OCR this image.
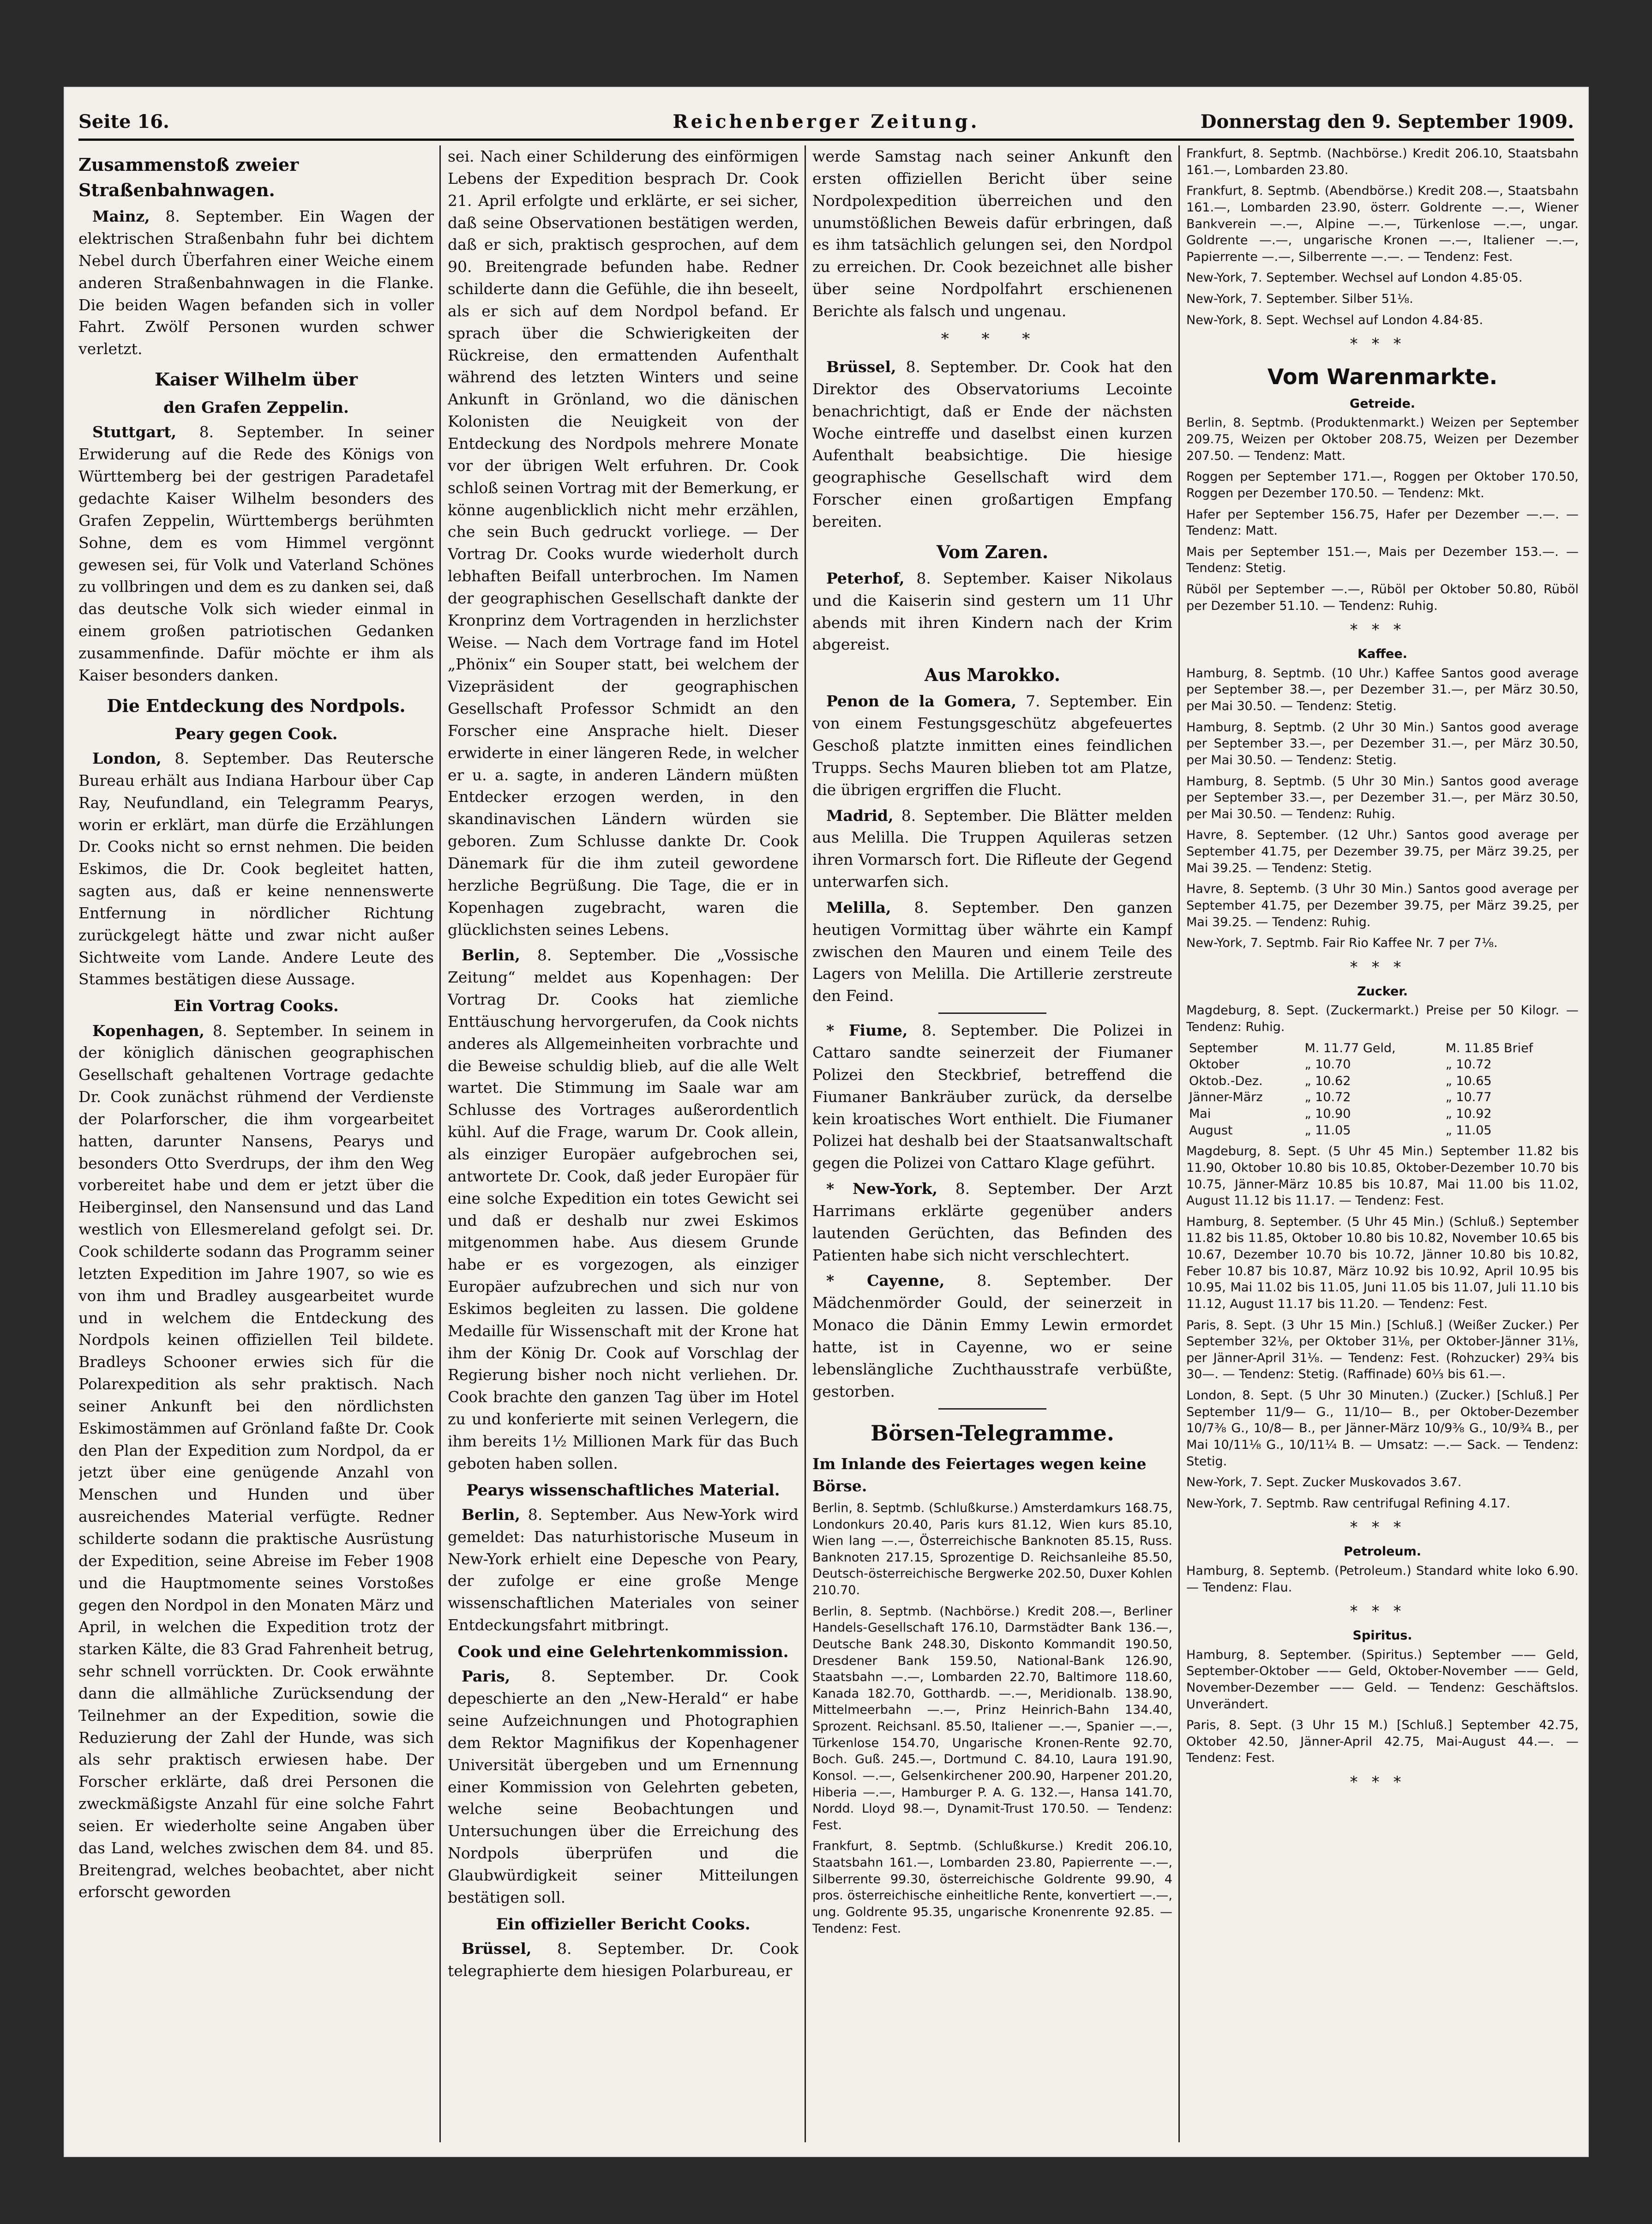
Seite 16.	Reichenberger Zeitung.	Donnerstag den 9. September 1909.
Zusammenstoß zweier Straßenbahnwagen.

Mainz, 8. September. Ein Wagen der elektrischen Straßenbahn fuhr bei dichtem Nebel durch Überfahren einer Weiche einem anderen Straßenbahnwagen in die Flanke. Die beiden Wagen befanden sich in voller Fahrt. Zwölf Personen wurden schwer verletzt.

Kaiser Wilhelm über
den Grafen Zeppelin.

Stuttgart, 8. September. In seiner Erwiderung auf die Rede des Königs von Württemberg bei der gestrigen Paradetafel gedachte Kaiser Wilhelm besonders des Grafen Zeppelin, Württembergs berühmten Sohne, dem es vom Himmel vergönnt gewesen sei, für Volk und Vaterland Schönes zu vollbringen und dem es zu danken sei, daß das deutsche Volk sich wieder einmal in einem großen patriotischen Gedanken zusammenfinde. Dafür möchte er ihm als Kaiser besonders danken.

Die Entdeckung des Nordpols.
Peary gegen Cook.

London, 8. September. Das Reutersche Bureau erhält aus Indiana Harbour über Cap Ray, Neufundland, ein Telegramm Pearys, worin er erklärt, man dürfe die Erzählungen Dr. Cooks nicht so ernst nehmen. Die beiden Eskimos, die Dr. Cook begleitet hatten, sagten aus, daß er keine nennenswerte Entfernung in nördlicher Richtung zurückgelegt hätte und zwar nicht außer Sichtweite vom Lande. Andere Leute des Stammes bestätigen diese Aussage.

Ein Vortrag Cooks.

Kopenhagen, 8. September. In seinem in der königlich dänischen geographischen Gesellschaft gehaltenen Vortrage gedachte Dr. Cook zunächst rühmend der Verdienste der Polarforscher, die ihm vorgearbeitet hatten, darunter Nansens, Pearys und besonders Otto Sverdrups, der ihm den Weg vorbereitet habe und dem er jetzt über die Heiberginsel, den Nansensund und das Land westlich von Ellesmereland gefolgt sei. Dr. Cook schilderte sodann das Programm seiner letzten Expedition im Jahre 1907, so wie es von ihm und Bradley ausgearbeitet wurde und in welchem die Entdeckung des Nordpols keinen offiziellen Teil bildete. Bradleys Schooner erwies sich für die Polarexpedition als sehr praktisch. Nach seiner Ankunft bei den nördlichsten Eskimostämmen auf Grönland faßte Dr. Cook den Plan der Expedition zum Nordpol, da er jetzt über eine genügende Anzahl von Menschen und Hunden und über ausreichendes Material verfügte. Redner schilderte sodann die praktische Ausrüstung der Expedition, seine Abreise im Feber 1908 und die Hauptmomente seines Vorstoßes gegen den Nordpol in den Monaten März und April, in welchen die Expedition trotz der starken Kälte, die 83 Grad Fahrenheit betrug, sehr schnell vorrückten. Dr. Cook erwähnte dann die allmähliche Zurücksendung der Teilnehmer an der Expedition, sowie die Reduzierung der Zahl der Hunde, was sich als sehr praktisch erwiesen habe. Der Forscher erklärte, daß drei Personen die zweckmäßigste Anzahl für eine solche Fahrt seien. Er wiederholte seine Angaben über das Land, welches zwischen dem 84. und 85. Breitengrad, welches beobachtet, aber nicht erforscht geworden

sei. Nach einer Schilderung des einförmigen Lebens der Expedition besprach Dr. Cook 21. April erfolgte und erklärte, er sei sicher, daß seine Observationen bestätigen werden, daß er sich, praktisch gesprochen, auf dem 90. Breitengrade befunden habe. Redner schilderte dann die Gefühle, die ihn beseelt, als er sich auf dem Nordpol befand. Er sprach über die Schwierigkeiten der Rückreise, den ermattenden Aufenthalt während des letzten Winters und seine Ankunft in Grönland, wo die dänischen Kolonisten die Neuigkeit von der Entdeckung des Nordpols mehrere Monate vor der übrigen Welt erfuhren. Dr. Cook schloß seinen Vortrag mit der Bemerkung, er könne augenblicklich nicht mehr erzählen, che sein Buch gedruckt vorliege. — Der Vortrag Dr. Cooks wurde wiederholt durch lebhaften Beifall unterbrochen. Im Namen der geographischen Gesellschaft dankte der Kronprinz dem Vortragenden in herzlichster Weise. — Nach dem Vortrage fand im Hotel „Phönix“ ein Souper statt, bei welchem der Vizepräsident der geographischen Gesellschaft Professor Schmidt an den Forscher eine Ansprache hielt. Dieser erwiderte in einer längeren Rede, in welcher er u. a. sagte, in anderen Ländern müßten Entdecker erzogen werden, in den skandinavischen Ländern würden sie geboren. Zum Schlusse dankte Dr. Cook Dänemark für die ihm zuteil gewordene herzliche Begrüßung. Die Tage, die er in Kopenhagen zugebracht, waren die glücklichsten seines Lebens.

Berlin, 8. September. Die „Vossische Zeitung“ meldet aus Kopenhagen: Der Vortrag Dr. Cooks hat ziemliche Enttäuschung hervorgerufen, da Cook nichts anderes als Allgemeinheiten vorbrachte und die Beweise schuldig blieb, auf die alle Welt wartet. Die Stimmung im Saale war am Schlusse des Vortrages außerordentlich kühl. Auf die Frage, warum Dr. Cook allein, als einziger Europäer aufgebrochen sei, antwortete Dr. Cook, daß jeder Europäer für eine solche Expedition ein totes Gewicht sei und daß er deshalb nur zwei Eskimos mitgenommen habe. Aus diesem Grunde habe er es vorgezogen, als einziger Europäer aufzubrechen und sich nur von Eskimos begleiten zu lassen. Die goldene Medaille für Wissenschaft mit der Krone hat ihm der König Dr. Cook auf Vorschlag der Regierung bisher noch nicht verliehen. Dr. Cook brachte den ganzen Tag über im Hotel zu und konferierte mit seinen Verlegern, die ihm bereits 1½ Millionen Mark für das Buch geboten haben sollen.

Pearys wissenschaftliches Material.

Berlin, 8. September. Aus New-York wird gemeldet: Das naturhistorische Museum in New-York erhielt eine Depesche von Peary, der zufolge er eine große Menge wissenschaftlichen Materiales von seiner Entdeckungsfahrt mitbringt.

Cook und eine Gelehrtenkommission.

Paris, 8. September. Dr. Cook depeschierte an den „New-Herald“ er habe seine Aufzeichnungen und Photographien dem Rektor Magnifikus der Kopenhagener Universität übergeben und um Ernennung einer Kommission von Gelehrten gebeten, welche seine Beobachtungen und Untersuchungen über die Erreichung des Nordpols überprüfen und die Glaubwürdigkeit seiner Mitteilungen bestätigen soll.

Ein offizieller Bericht Cooks.

Brüssel, 8. September. Dr. Cook telegraphierte dem hiesigen Polarbureau, er

werde Samstag nach seiner Ankunft den ersten offiziellen Bericht über seine Nordpolexpedition überreichen und den unumstößlichen Beweis dafür erbringen, daß es ihm tatsächlich gelungen sei, den Nordpol zu erreichen. Dr. Cook bezeichnet alle bisher über seine Nordpolfahrt erschienenen Berichte als falsch und ungenau.

* * *

Brüssel, 8. September. Dr. Cook hat den Direktor des Observatoriums Lecointe benachrichtigt, daß er Ende der nächsten Woche eintreffe und daselbst einen kurzen Aufenthalt beabsichtige. Die hiesige geographische Gesellschaft wird dem Forscher einen großartigen Empfang bereiten.

Vom Zaren.

Peterhof, 8. September. Kaiser Nikolaus und die Kaiserin sind gestern um 11 Uhr abends mit ihren Kindern nach der Krim abgereist.

Aus Marokko.

Penon de la Gomera, 7. September. Ein von einem Festungsgeschütz abgefeuertes Geschoß platzte inmitten eines feindlichen Trupps. Sechs Mauren blieben tot am Platze, die übrigen ergriffen die Flucht.

Madrid, 8. September. Die Blätter melden aus Melilla. Die Truppen Aquileras setzen ihren Vormarsch fort. Die Rifleute der Gegend unterwarfen sich.

Melilla, 8. September. Den ganzen heutigen Vormittag über währte ein Kampf zwischen den Mauren und einem Teile des Lagers von Melilla. Die Artillerie zerstreute den Feind.

* Fiume, 8. September. Die Polizei in Cattaro sandte seinerzeit der Fiumaner Polizei den Steckbrief, betreffend die Fiumaner Bankräuber zurück, da derselbe kein kroatisches Wort enthielt. Die Fiumaner Polizei hat deshalb bei der Staatsanwaltschaft gegen die Polizei von Cattaro Klage geführt.

* New-York, 8. September. Der Arzt Harrimans erklärte gegenüber anders lautenden Gerüchten, das Befinden des Patienten habe sich nicht verschlechtert.

* Cayenne, 8. September. Der Mädchenmörder Gould, der seinerzeit in Monaco die Dänin Emmy Lewin ermordet hatte, ist in Cayenne, wo er seine lebenslängliche Zuchthausstrafe verbüßte, gestorben.

Börsen-Telegramme.
Im Inlande des Feiertages wegen keine Börse.
Berlin, 8. Septmb. (Schlußkurse.) Amsterdamkurs 168.75, Londonkurs 20.40, Paris kurs 81.12, Wien kurs 85.10, Wien lang —.—, Österreichische Banknoten 85.15, Russ. Banknoten 217.15, Sprozentige D. Reichsanleihe 85.50, Deutsch-österreichische Bergwerke 202.50, Duxer Kohlen 210.70.
Berlin, 8. Septmb. (Nachbörse.) Kredit 208.—, Berliner Handels-Gesellschaft 176.10, Darmstädter Bank 136.—, Deutsche Bank 248.30, Diskonto Kommandit 190.50, Dresdener Bank 159.50, National-Bank 126.90, Staatsbahn —.—, Lombarden 22.70, Baltimore 118.60, Kanada 182.70, Gotthardb. —.—, Meridionalb. 138.90, Mittelmeerbahn —.—, Prinz Heinrich-Bahn 134.40, Sprozent. Reichsanl. 85.50, Italiener —.—, Spanier —.—, Türkenlose 154.70, Ungarische Kronen-Rente 92.70, Boch. Guß. 245.—, Dortmund C. 84.10, Laura 191.90, Konsol. —.—, Gelsenkirchener 200.90, Harpener 201.20, Hiberia —.—, Hamburger P. A. G. 132.—, Hansa 141.70, Nordd. Lloyd 98.—, Dynamit-Trust 170.50. — Tendenz: Fest.
Frankfurt, 8. Septmb. (Schlußkurse.) Kredit 206.10, Staatsbahn 161.—, Lombarden 23.80, Papierrente —.—, Silberrente 99.30, österreichische Goldrente 99.90, 4 pros. österreichische einheitliche Rente, konvertiert —.—, ung. Goldrente 95.35, ungarische Kronenrente 92.85. — Tendenz: Fest.
Frankfurt, 8. Septmb. (Nachbörse.) Kredit 206.10, Staatsbahn 161.—, Lombarden 23.80.
Frankfurt, 8. Septmb. (Abendbörse.) Kredit 208.—, Staatsbahn 161.—, Lombarden 23.90, österr. Goldrente —.—, Wiener Bankverein —.—, Alpine —.—, Türkenlose —.—, ungar. Goldrente —.—, ungarische Kronen —.—, Italiener —.—, Papierrente —.—, Silberrente —.—. — Tendenz: Fest.
New-York, 7. September. Wechsel auf London 4.85·05.
New-York, 7. September. Silber 51⅛.
New-York, 8. Sept. Wechsel auf London 4.84·85.
***
Vom Warenmarkte.
Getreide.
Berlin, 8. Septmb. (Produktenmarkt.) Weizen per September 209.75, Weizen per Oktober 208.75, Weizen per Dezember 207.50. — Tendenz: Matt.
Roggen per September 171.—, Roggen per Oktober 170.50, Roggen per Dezember 170.50. — Tendenz: Mkt.
Hafer per September 156.75, Hafer per Dezember —.—. — Tendenz: Matt.
Mais per September 151.—, Mais per Dezember 153.—. — Tendenz: Stetig.
Rüböl per September —.—, Rüböl per Oktober 50.80, Rüböl per Dezember 51.10. — Tendenz: Ruhig.
***
Kaffee.
Hamburg, 8. Septmb. (10 Uhr.) Kaffee Santos good average per September 38.—, per Dezember 31.—, per März 30.50, per Mai 30.50. — Tendenz: Stetig.
Hamburg, 8. Septmb. (2 Uhr 30 Min.) Santos good average per September 33.—, per Dezember 31.—, per März 30.50, per Mai 30.50. — Tendenz: Stetig.
Hamburg, 8. Septmb. (5 Uhr 30 Min.) Santos good average per September 33.—, per Dezember 31.—, per März 30.50, per Mai 30.50. — Tendenz: Ruhig.
Havre, 8. September. (12 Uhr.) Santos good average per September 41.75, per Dezember 39.75, per März 39.25, per Mai 39.25. — Tendenz: Stetig.
Havre, 8. Septemb. (3 Uhr 30 Min.) Santos good average per September 41.75, per Dezember 39.75, per März 39.25, per Mai 39.25. — Tendenz: Ruhig.
New-York, 7. Septmb. Fair Rio Kaffee Nr. 7 per 7⅛.
***
Zucker.
Magdeburg, 8. Sept. (Zuckermarkt.) Preise per 50 Kilogr. — Tendenz: Ruhig.
September	M. 11.77 Geld,	M. 11.85 Brief
Oktober	„ 10.70	„ 10.72
Oktob.-Dez.	„ 10.62	„ 10.65
Jänner-März	„ 10.72	„ 10.77
Mai	„ 10.90	„ 10.92
August	„ 11.05	„ 11.05
Magdeburg, 8. Sept. (5 Uhr 45 Min.) September 11.82 bis 11.90, Oktober 10.80 bis 10.85, Oktober-Dezember 10.70 bis 10.75, Jänner-März 10.85 bis 10.87, Mai 11.00 bis 11.02, August 11.12 bis 11.17. — Tendenz: Fest.
Hamburg, 8. September. (5 Uhr 45 Min.) (Schluß.) September 11.82 bis 11.85, Oktober 10.80 bis 10.82, November 10.65 bis 10.67, Dezember 10.70 bis 10.72, Jänner 10.80 bis 10.82, Feber 10.87 bis 10.87, März 10.92 bis 10.92, April 10.95 bis 10.95, Mai 11.02 bis 11.05, Juni 11.05 bis 11.07, Juli 11.10 bis 11.12, August 11.17 bis 11.20. — Tendenz: Fest.
Paris, 8. Sept. (3 Uhr 15 Min.) [Schluß.] (Weißer Zucker.) Per September 32⅛, per Oktober 31⅛, per Oktober-Jänner 31⅛, per Jänner-April 31⅛. — Tendenz: Fest. (Rohzucker) 29¾ bis 30—. — Tendenz: Stetig. (Raffinade) 60⅓ bis 61.—.
London, 8. Sept. (5 Uhr 30 Minuten.) (Zucker.) [Schluß.] Per September 11/9— G., 11/10— B., per Oktober-Dezember 10/7⅜ G., 10/8— B., per Jänner-März 10/9⅜ G., 10/9¾ B., per Mai 10/11⅛ G., 10/11¼ B. — Umsatz: —.— Sack. — Tendenz: Stetig.
New-York, 7. Sept. Zucker Muskovados 3.67.
New-York, 7. Septmb. Raw centrifugal Refining 4.17.
***
Petroleum.
Hamburg, 8. Septemb. (Petroleum.) Standard white loko 6.90. — Tendenz: Flau.
***
Spiritus.
Hamburg, 8. September. (Spiritus.) September —— Geld, September-Oktober —— Geld, Oktober-November —— Geld, November-Dezember —— Geld. — Tendenz: Geschäftslos. Unverändert.
Paris, 8. Sept. (3 Uhr 15 M.) [Schluß.] September 42.75, Oktober 42.50, Jänner-April 42.75, Mai-August 44.—. — Tendenz: Fest.
***
